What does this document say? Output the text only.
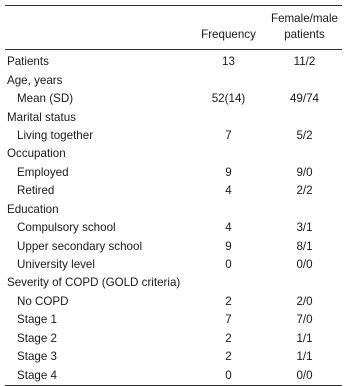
	Frequency	Female/male
patients
Patients	13	11/2
Age, years		
Mean (SD)	52(14)	49/74
Marital status		
Living together	7	5/2
Occupation		
Employed	9	9/0
Retired	4	2/2
Education		
Compulsory school	4	3/1
Upper secondary school	9	8/1
University level	0	0/0
Severity of COPD (GOLD criteria)		
No COPD	2	2/0
Stage 1	7	7/0
Stage 2	2	1/1
Stage 3	2	1/1
Stage 4	0	0/0
